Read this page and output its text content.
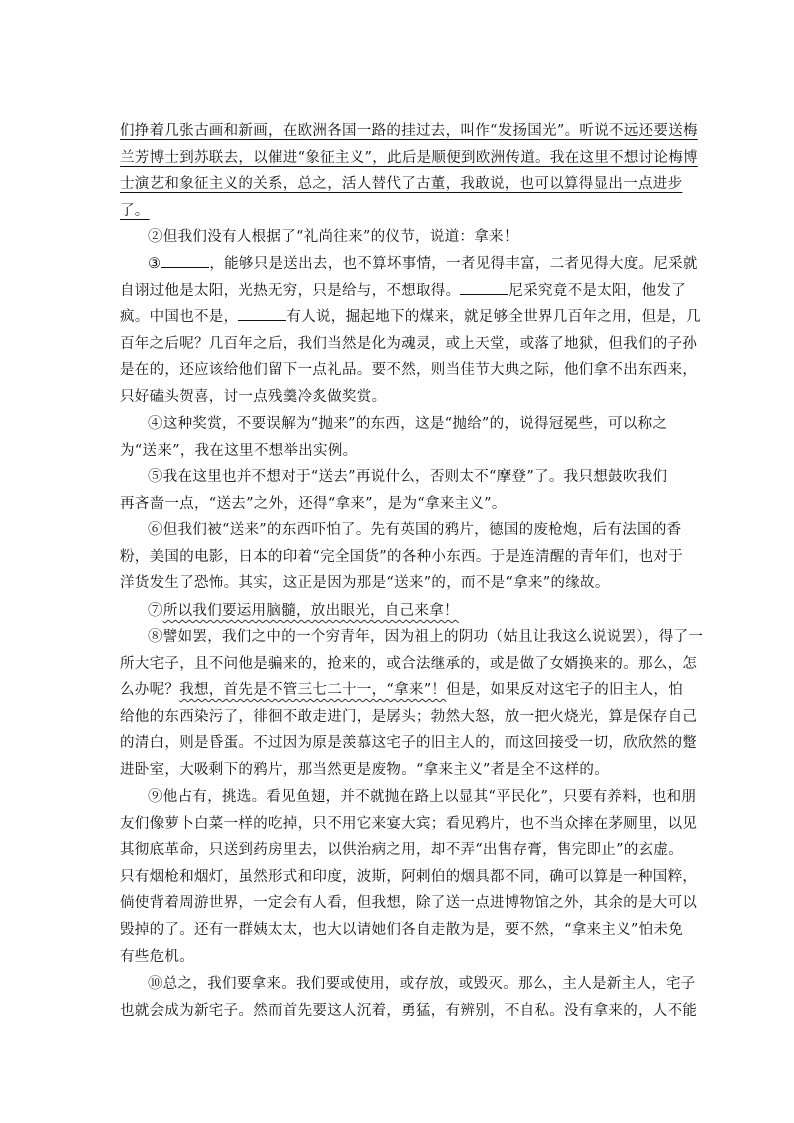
们挣着几张古画和新画，在欧洲各国一路的挂过去，叫作“发扬国光”。听说不远还要送梅
兰芳博士到苏联去，以催进“象征主义”，此后是顺便到欧洲传道。我在这里不想讨论梅博
士演艺和象征主义的关系，总之，活人替代了古董，我敢说，也可以算得显出一点进步
了。
②但我们没有人根据了“礼尚往来”的仪节，说道：拿来！
③	，能够只是送出去，也不算坏事情，一者见得丰富，二者见得大度。尼采就
自诩过他是太阳，光热无穷，只是给与，不想取得。	尼采究竟不是太阳，他发了
疯。中国也不是，	有人说，掘起地下的煤来，就足够全世界几百年之用，但是，几
百年之后呢？几百年之后，我们当然是化为魂灵，或上天堂，或落了地狱，但我们的子孙
是在的，还应该给他们留下一点礼品。要不然，则当佳节大典之际，他们拿不出东西来，
只好磕头贺喜，讨一点残羹冷炙做奖赏。
④这种奖赏，不要误解为“抛来”的东西，这是“抛给”的，说得冠冕些，可以称之
为“送来”，我在这里不想举出实例。
⑤我在这里也并不想对于“送去”再说什么，否则太不“摩登”了。我只想鼓吹我们
再吝啬一点，“送去”之外，还得“拿来”，是为“拿来主义”。
⑥但我们被“送来”的东西吓怕了。先有英国的鸦片，德国的废枪炮，后有法国的香
粉，美国的电影，日本的印着“完全国货”的各种小东西。于是连清醒的青年们，也对于
洋货发生了恐怖。其实，这正是因为那是“送来”的，而不是“拿来”的缘故。
⑦所以我们要运用脑髓，放出眼光，自己来拿！
⑧譬如罢，我们之中的一个穷青年，因为祖上的阴功（姑且让我这么说说罢），得了一
所大宅子，且不问他是骗来的，抢来的，或合法继承的，或是做了女婿换来的。那么，怎
么办呢？我想，首先是不管三七二十一，“拿来”！但是，如果反对这宅子的旧主人，怕
给他的东西染污了，徘徊不敢走进门，是孱头；勃然大怒，放一把火烧光，算是保存自己
的清白，则是昏蛋。不过因为原是羡慕这宅子的旧主人的，而这回接受一切，欣欣然的蹩
进卧室，大吸剩下的鸦片，那当然更是废物。“拿来主义”者是全不这样的。
⑨他占有，挑选。看见鱼翅，并不就抛在路上以显其“平民化”，只要有养料，也和朋
友们像萝卜白菜一样的吃掉，只不用它来宴大宾；看见鸦片，也不当众摔在茅厕里，以见
其彻底革命，只送到药房里去，以供治病之用，却不弄“出售存膏，售完即止”的玄虚。
只有烟枪和烟灯，虽然形式和印度，波斯，阿剌伯的烟具都不同，确可以算是一种国粹，
倘使背着周游世界，一定会有人看，但我想，除了送一点进博物馆之外，其余的是大可以
毁掉的了。还有一群姨太太，也大以请她们各自走散为是，要不然，“拿来主义”怕未免
有些危机。
⑩总之，我们要拿来。我们要或使用，或存放，或毁灭。那么，主人是新主人，宅子
也就会成为新宅子。然而首先要这人沉着，勇猛，有辨别，不自私。没有拿来的，人不能
